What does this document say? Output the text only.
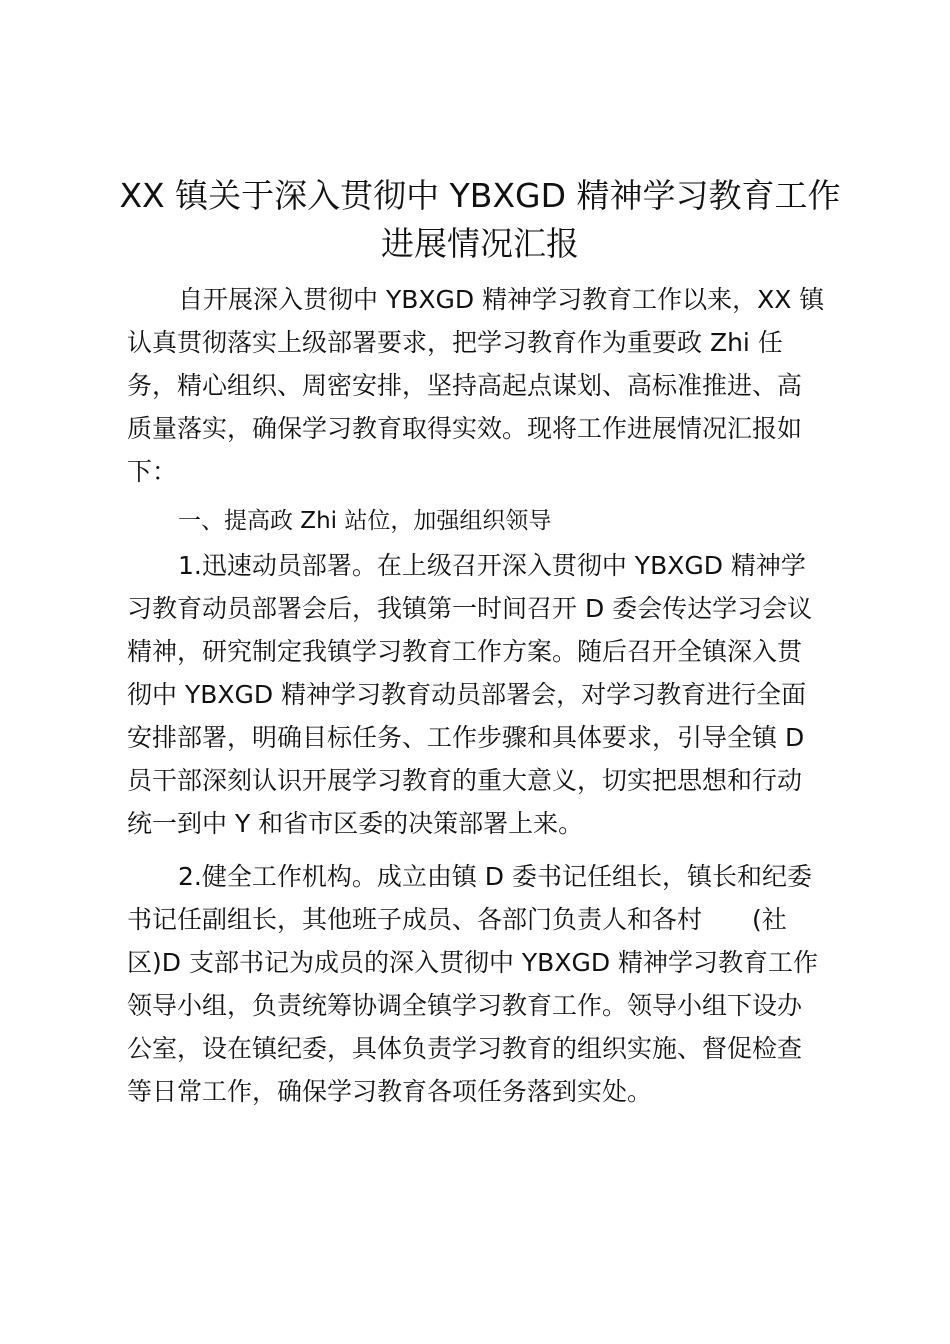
XX 镇关于深入贯彻中 YBXGD 精神学习教育工作
进展情况汇报
自开展深入贯彻中 YBXGD 精神学习教育工作以来，XX 镇
认真贯彻落实上级部署要求，把学习教育作为重要政 Zhi 任
务，精心组织、周密安排，坚持高起点谋划、高标准推进、高
质量落实，确保学习教育取得实效。现将工作进展情况汇报如
下：
一、提高政 Zhi 站位，加强组织领导
1.迅速动员部署。在上级召开深入贯彻中 YBXGD 精神学
习教育动员部署会后，我镇第一时间召开 D 委会传达学习会议
精神，研究制定我镇学习教育工作方案。随后召开全镇深入贯
彻中 YBXGD 精神学习教育动员部署会，对学习教育进行全面
安排部署，明确目标任务、工作步骤和具体要求，引导全镇 D
员干部深刻认识开展学习教育的重大意义，切实把思想和行动
统一到中 Y 和省市区委的决策部署上来。
2.健全工作机构。成立由镇 D 委书记任组长，镇长和纪委
书记任副组长，其他班子成员、各部门负责人和各村　　(社
区)D 支部书记为成员的深入贯彻中 YBXGD 精神学习教育工作
领导小组，负责统筹协调全镇学习教育工作。领导小组下设办
公室，设在镇纪委，具体负责学习教育的组织实施、督促检查
等日常工作，确保学习教育各项任务落到实处。
